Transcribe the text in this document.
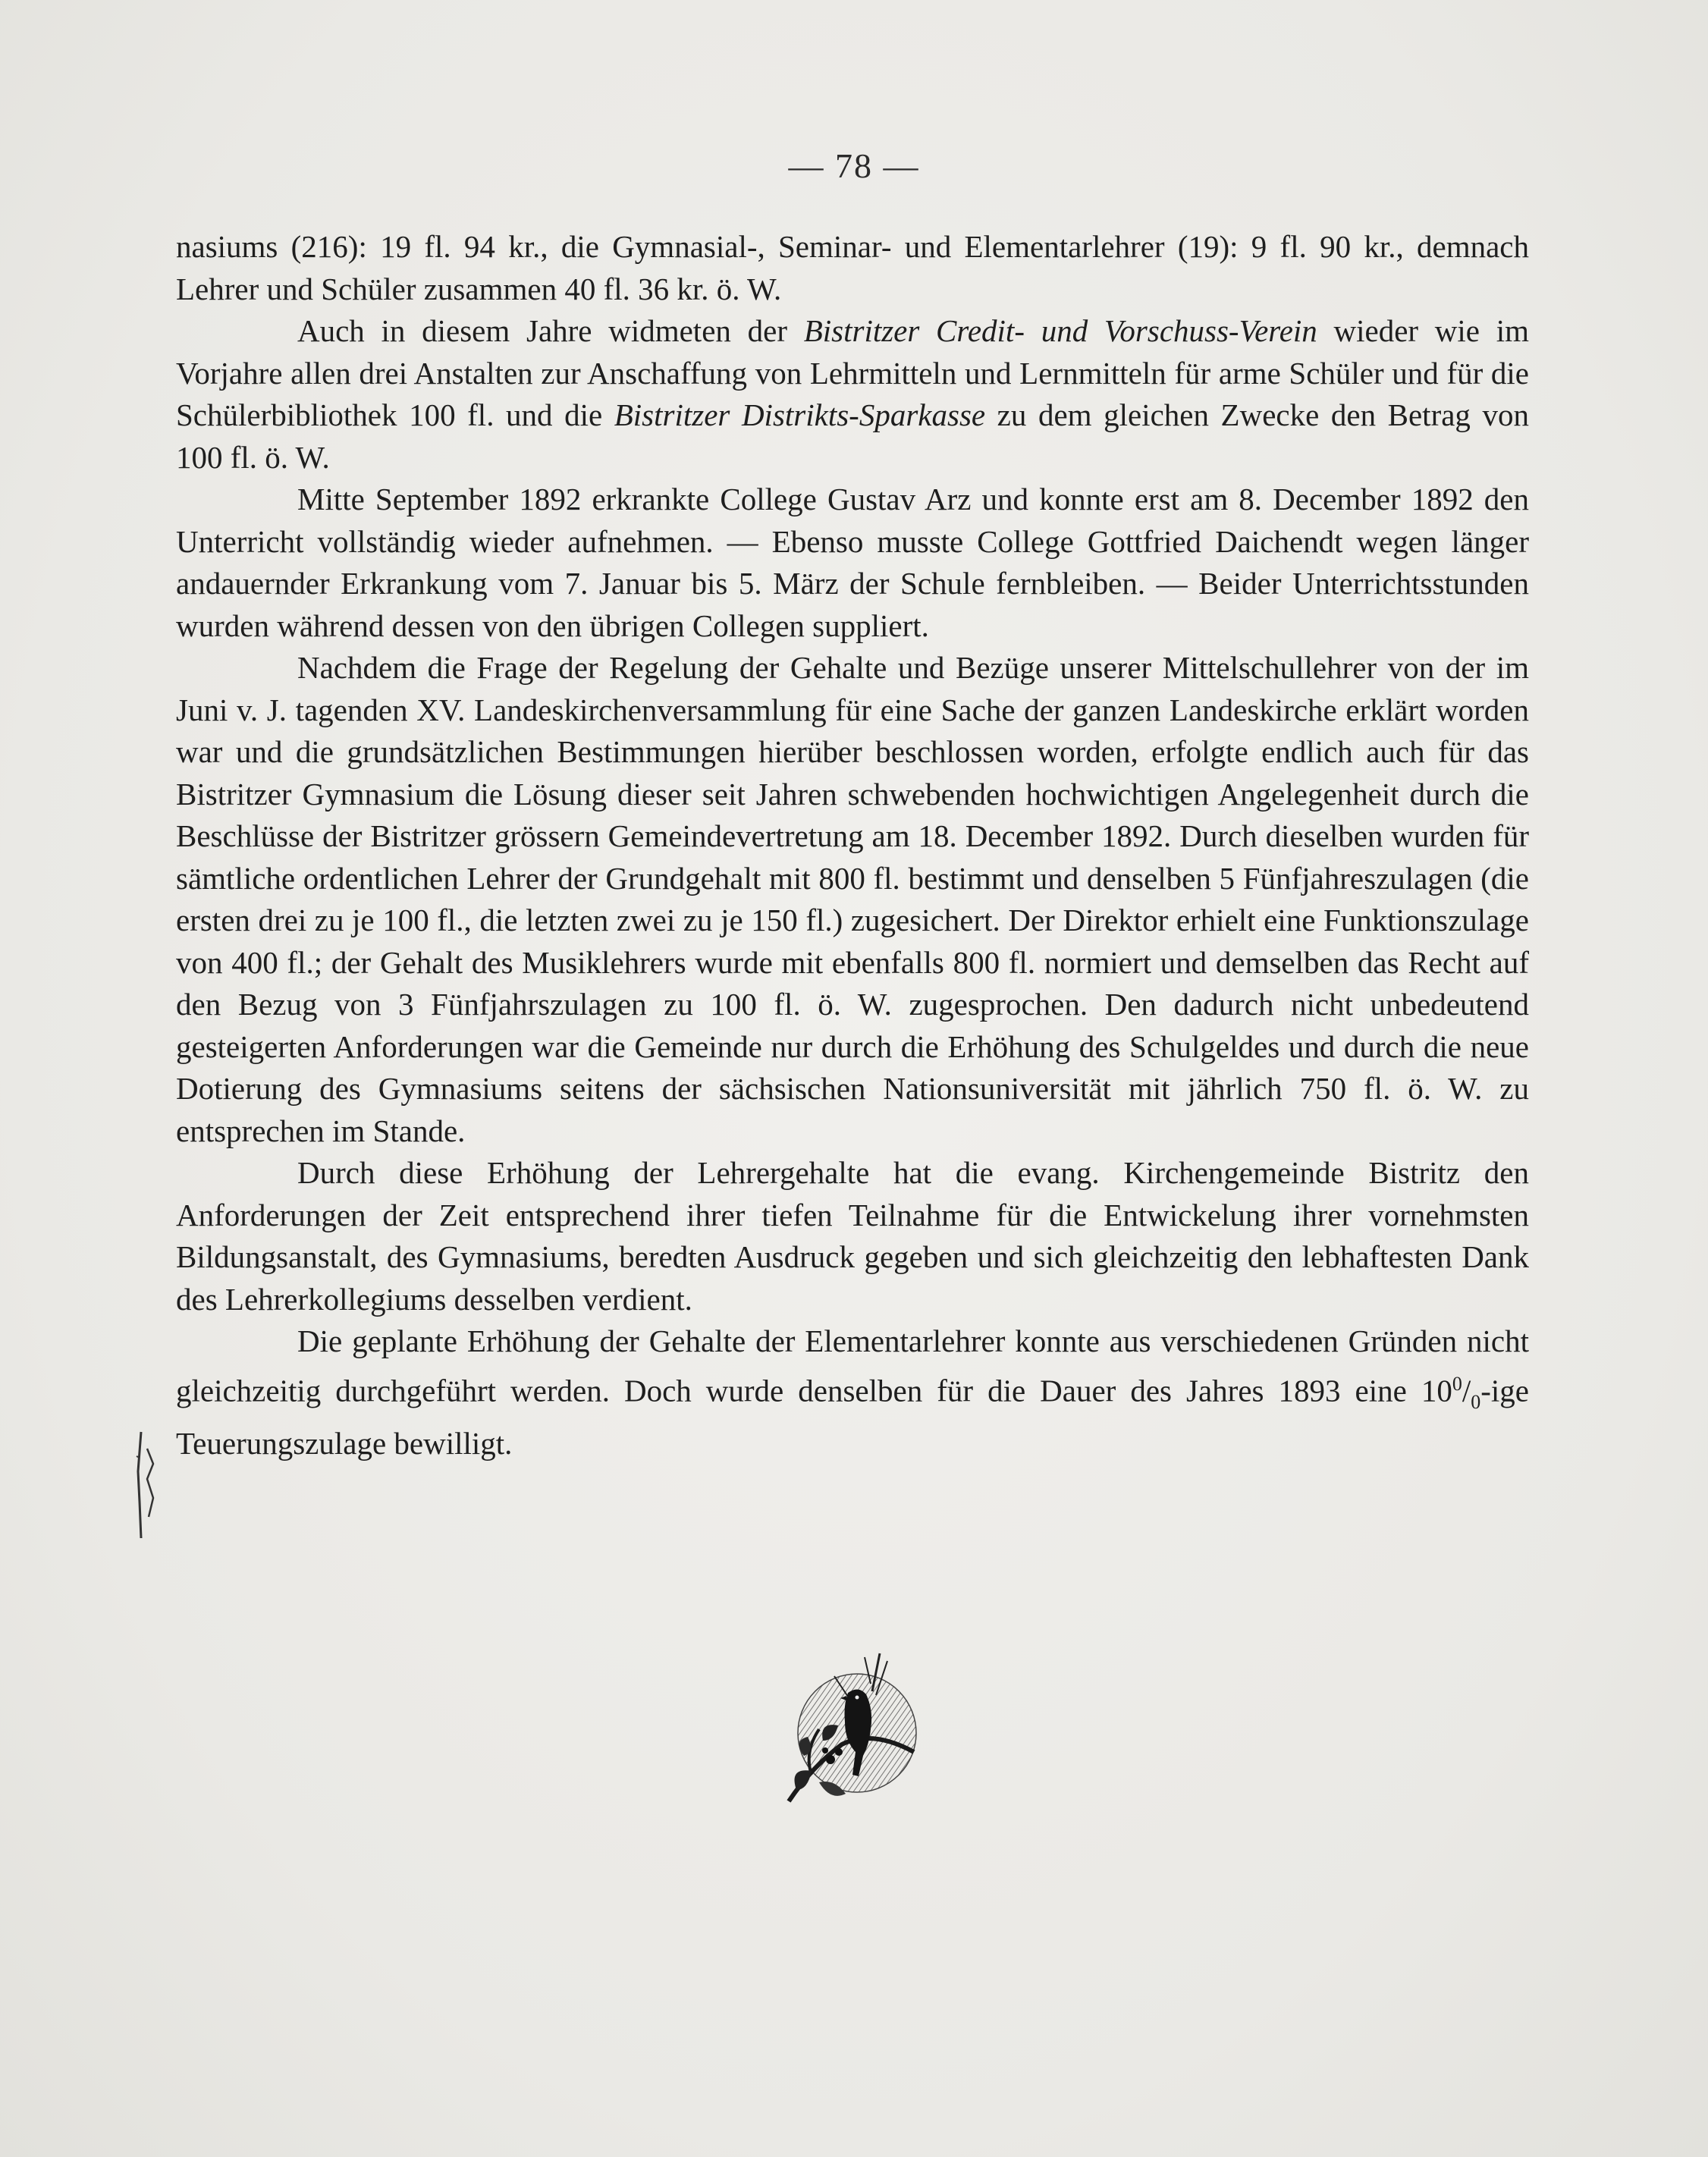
— 78 —

nasiums (216): 19 fl. 94 kr., die Gymnasial-, Seminar- und Elementarlehrer (19): 9 fl. 90 kr., demnach Lehrer und Schüler zusammen 40 fl. 36 kr. ö. W.

Auch in diesem Jahre widmeten der Bistritzer Credit- und Vorschuss-Verein wieder wie im Vorjahre allen drei Anstalten zur Anschaffung von Lehrmitteln und Lernmitteln für arme Schüler und für die Schülerbibliothek 100 fl. und die Bistritzer Distrikts-Sparkasse zu dem gleichen Zwecke den Betrag von 100 fl. ö. W.

Mitte September 1892 erkrankte College Gustav Arz und konnte erst am 8. December 1892 den Unterricht vollständig wieder aufnehmen. — Ebenso musste College Gottfried Daichendt wegen länger andauernder Erkrankung vom 7. Januar bis 5. März der Schule fernbleiben. — Beider Unterrichtsstunden wurden während dessen von den übrigen Collegen suppliert.

Nachdem die Frage der Regelung der Gehalte und Bezüge unserer Mittelschullehrer von der im Juni v. J. tagenden XV. Landeskirchenversammlung für eine Sache der ganzen Landeskirche erklärt worden war und die grundsätzlichen Bestimmungen hierüber beschlossen worden, erfolgte endlich auch für das Bistritzer Gymnasium die Lösung dieser seit Jahren schwebenden hochwichtigen Angelegenheit durch die Beschlüsse der Bistritzer grössern Gemeindevertretung am 18. December 1892. Durch dieselben wurden für sämtliche ordentlichen Lehrer der Grundgehalt mit 800 fl. bestimmt und denselben 5 Fünfjahreszulagen (die ersten drei zu je 100 fl., die letzten zwei zu je 150 fl.) zugesichert. Der Direktor erhielt eine Funktionszulage von 400 fl.; der Gehalt des Musiklehrers wurde mit ebenfalls 800 fl. normiert und demselben das Recht auf den Bezug von 3 Fünfjahrszulagen zu 100 fl. ö. W. zugesprochen. Den dadurch nicht unbedeutend gesteigerten Anforderungen war die Gemeinde nur durch die Erhöhung des Schulgeldes und durch die neue Dotierung des Gymnasiums seitens der sächsischen Nationsuniversität mit jährlich 750 fl. ö. W. zu entsprechen im Stande.

Durch diese Erhöhung der Lehrergehalte hat die evang. Kirchengemeinde Bistritz den Anforderungen der Zeit entsprechend ihrer tiefen Teilnahme für die Entwickelung ihrer vornehmsten Bildungsanstalt, des Gymnasiums, beredten Ausdruck gegeben und sich gleichzeitig den lebhaftesten Dank des Lehrerkollegiums desselben verdient.

Die geplante Erhöhung der Gehalte der Elementarlehrer konnte aus verschiedenen Gründen nicht gleichzeitig durchgeführt werden. Doch wurde denselben für die Dauer des Jahres 1893 eine $10^0/_0$-ige Teuerungszulage bewilligt.
